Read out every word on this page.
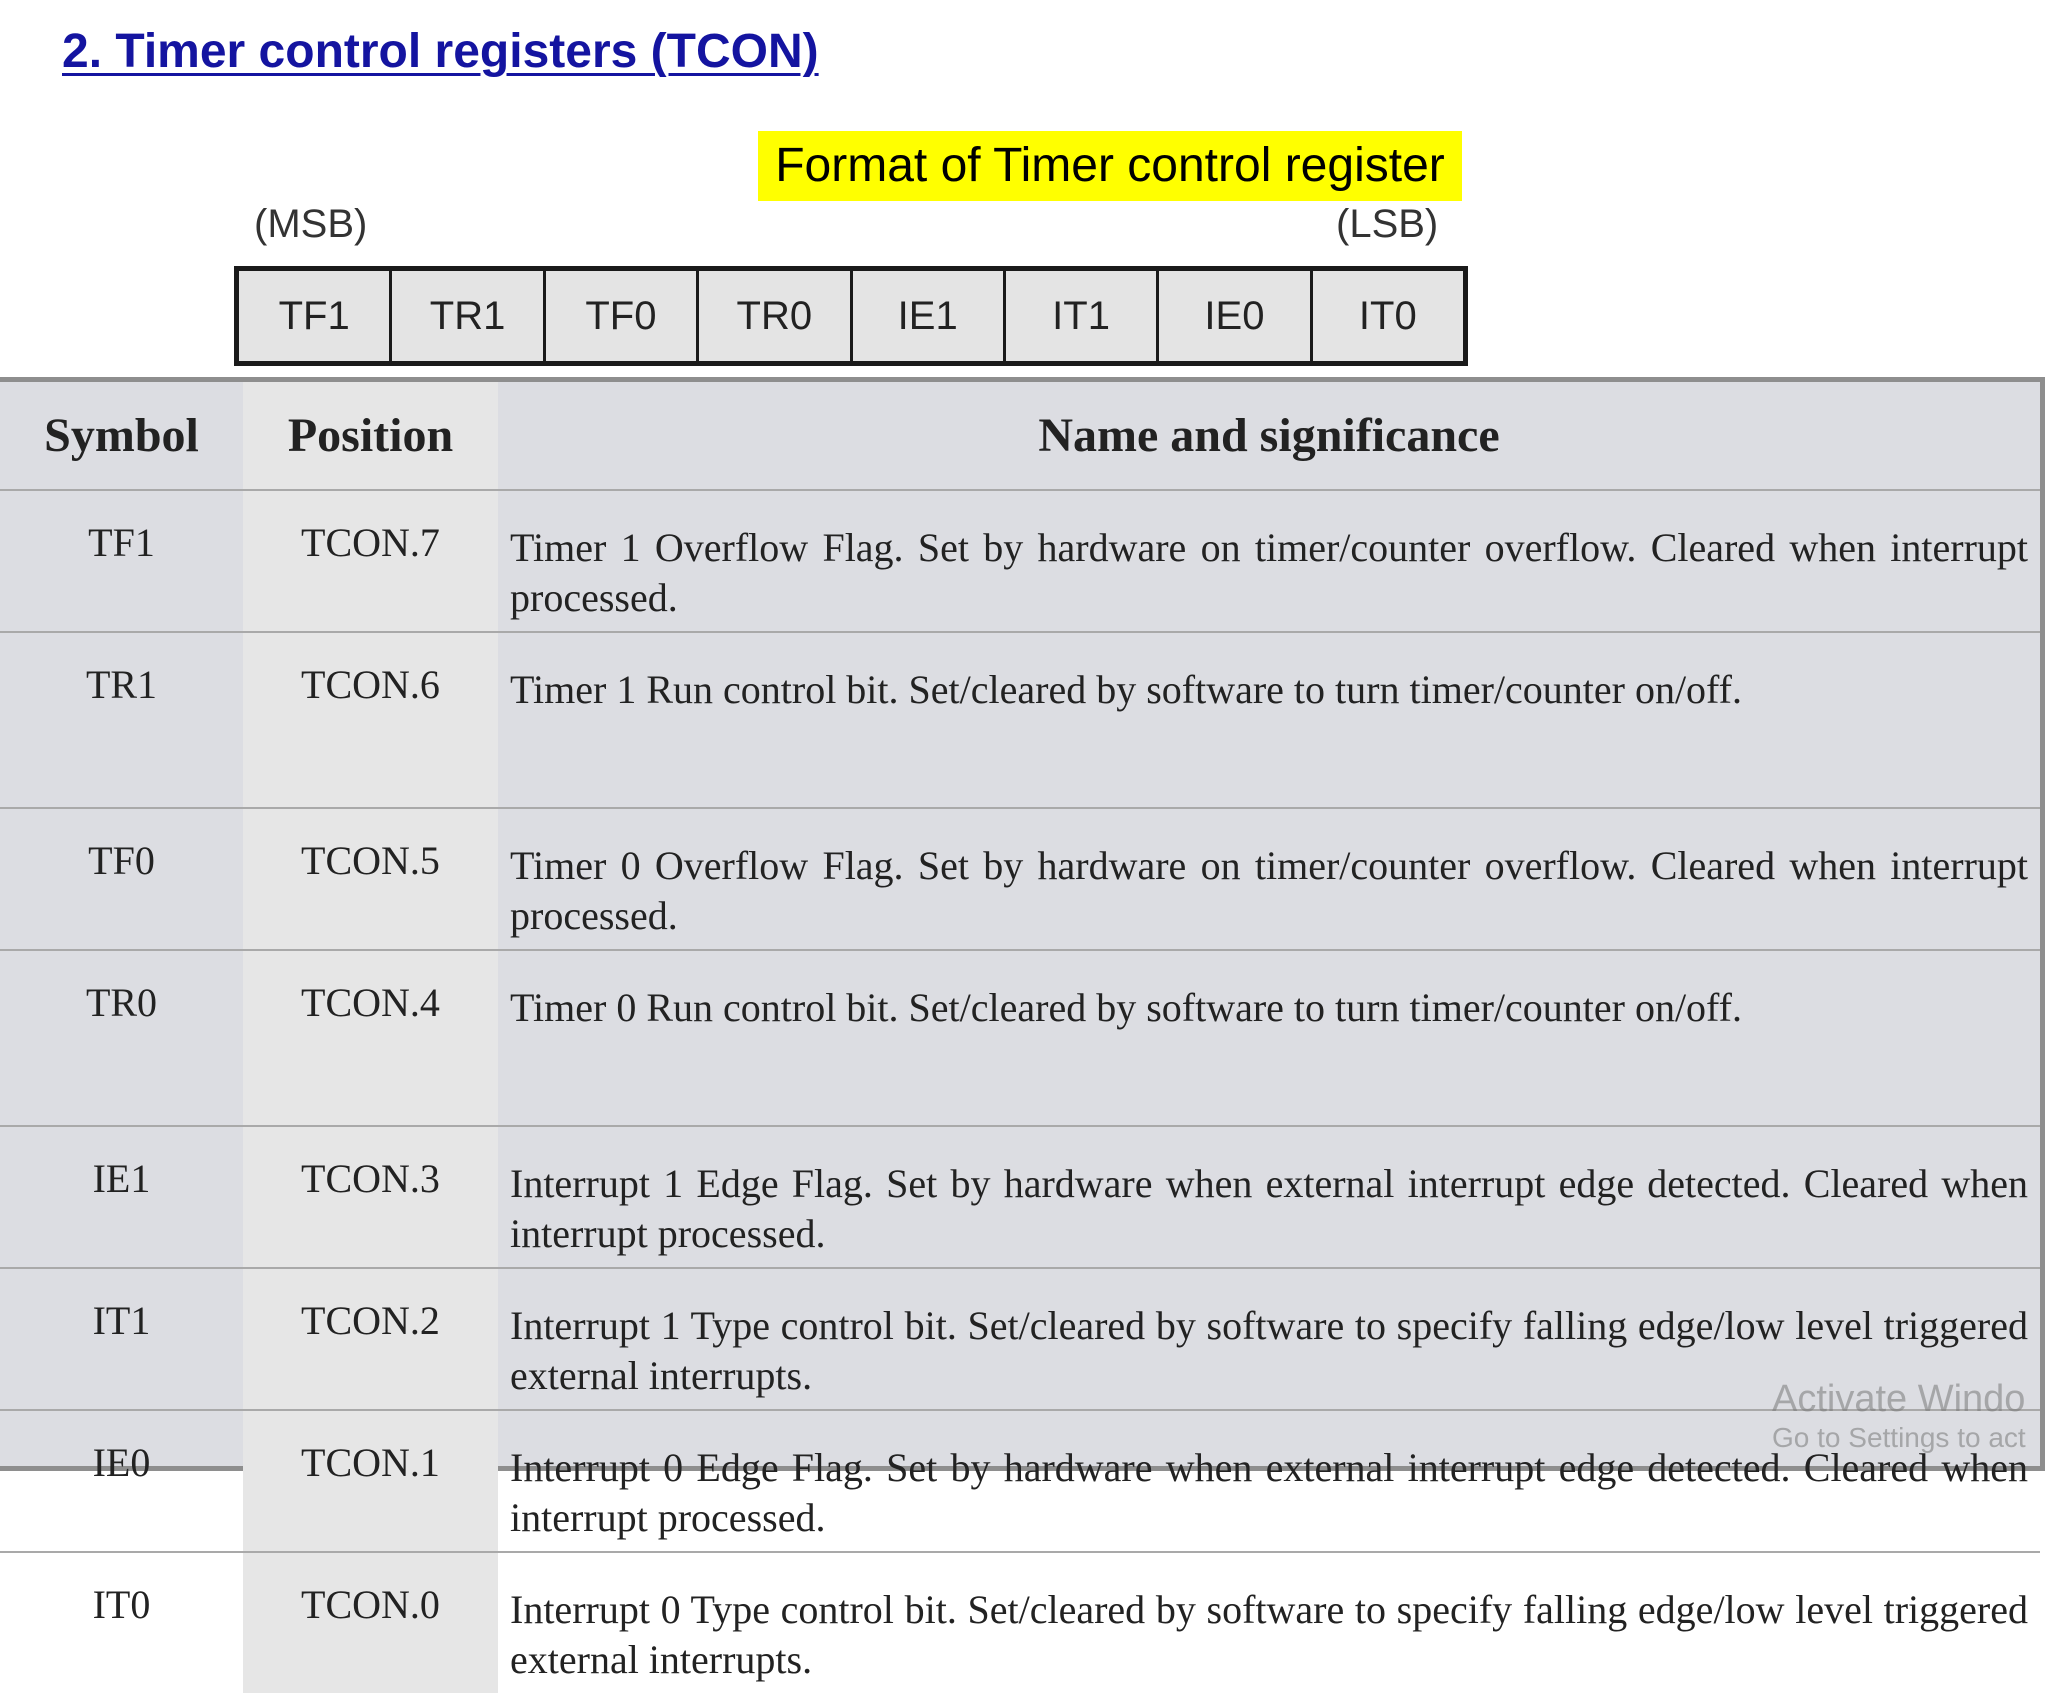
2. Timer control registers (TCON)
Format of Timer control register
(MSB)	(LSB)
TF1	TR1	TF0	TR0	IE1	IT1	IE0	IT0
Symbol	Position	Name and significance
TF1	TCON.7	Timer 1 Overflow Flag. Set by hardware on timer/counter overflow. Cleared when interrupt processed.
TR1	TCON.6	Timer 1 Run control bit. Set/cleared by software to turn timer/counter on/off.
TF0	TCON.5	Timer 0 Overflow Flag. Set by hardware on timer/counter overflow. Cleared when interrupt processed.
TR0	TCON.4	Timer 0 Run control bit. Set/cleared by software to turn timer/counter on/off.
IE1	TCON.3	Interrupt 1 Edge Flag. Set by hardware when external interrupt edge detected. Cleared when interrupt processed.
IT1	TCON.2	Interrupt 1 Type control bit. Set/cleared by software to specify falling edge/low level triggered external interrupts.
IE0	TCON.1	Interrupt 0 Edge Flag. Set by hardware when external interrupt edge detected. Cleared when interrupt processed.
IT0	TCON.0	Interrupt 0 Type control bit. Set/cleared by software to specify falling edge/low level triggered external interrupts.
Activate Windo
Go to Settings to act
